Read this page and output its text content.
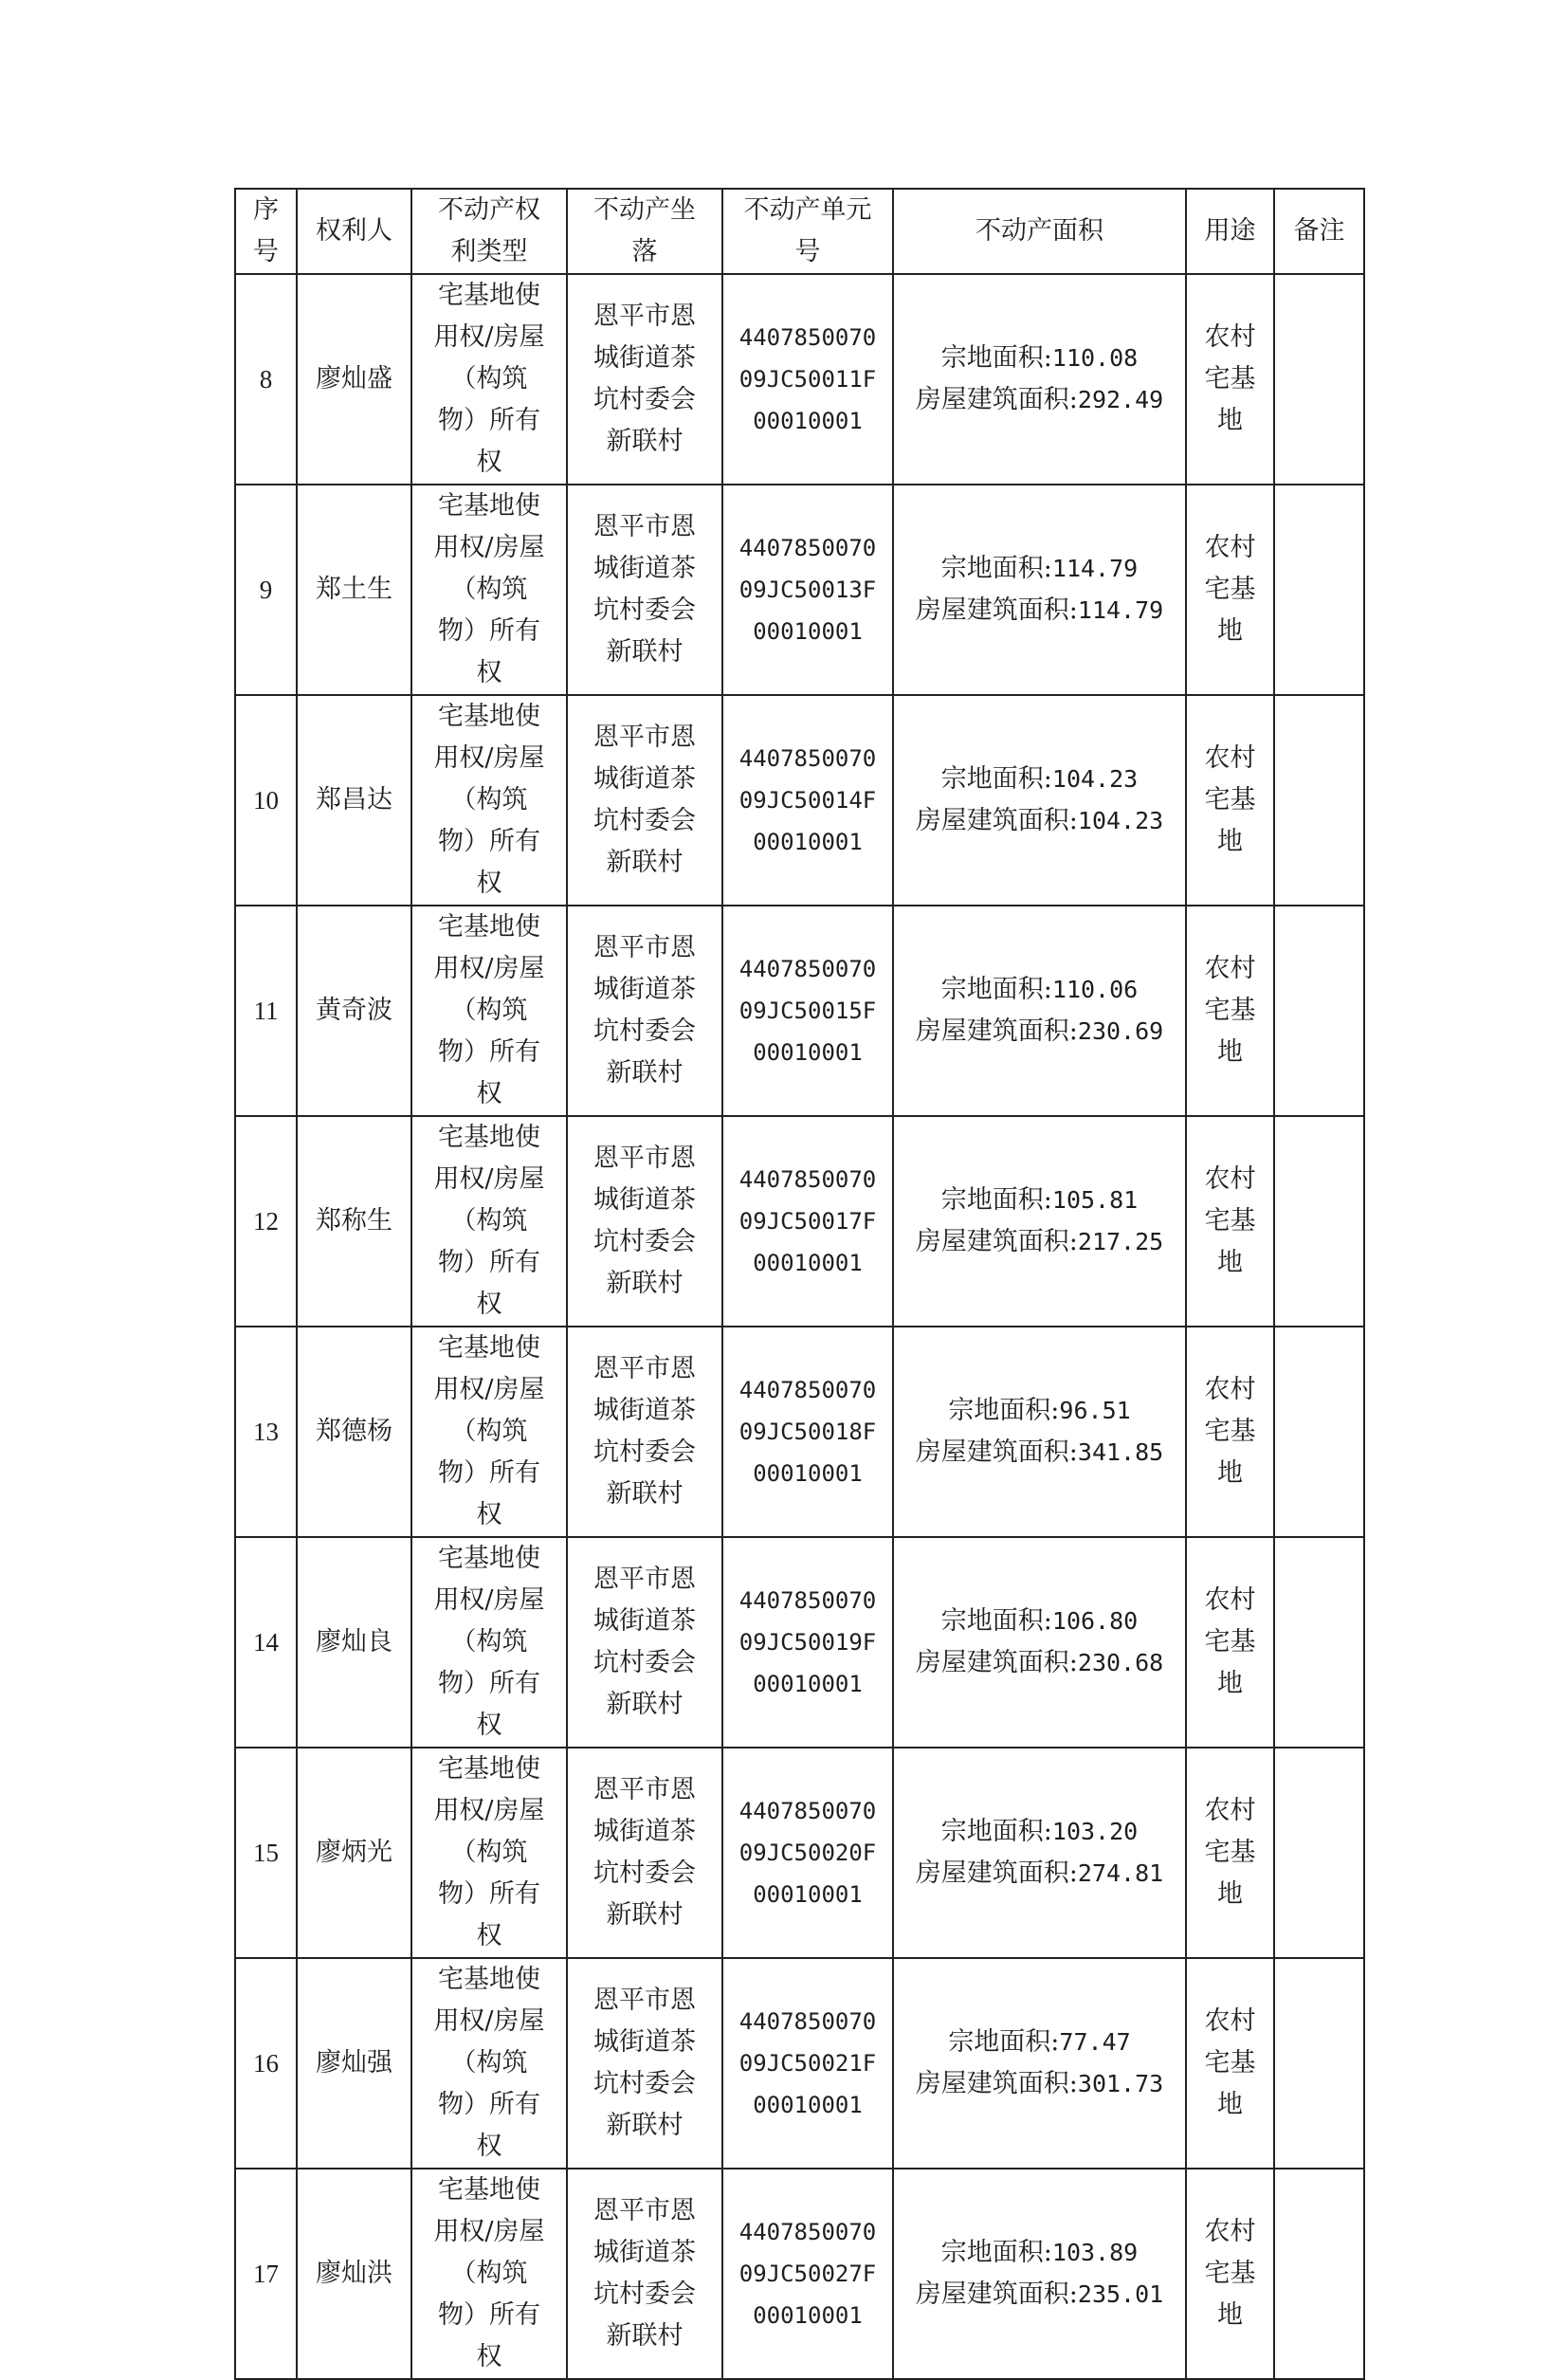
序号	权利人	不动产权利类型	不动产坐落	不动产单元号	不动产面积	用途	备注

8	廖灿盛	宅基地使用权/房屋（构筑物）所有权	恩平市恩城街道茶坑村委会新联村	440785007009JC50011F00010001	宗地面积:110.08
房屋建筑面积:292.49	农村宅基地	

9	郑土生	宅基地使用权/房屋（构筑物）所有权	恩平市恩城街道茶坑村委会新联村	440785007009JC50013F00010001	宗地面积:114.79
房屋建筑面积:114.79	农村宅基地	

10	郑昌达	宅基地使用权/房屋（构筑物）所有权	恩平市恩城街道茶坑村委会新联村	440785007009JC50014F00010001	宗地面积:104.23
房屋建筑面积:104.23	农村宅基地	

11	黄奇波	宅基地使用权/房屋（构筑物）所有权	恩平市恩城街道茶坑村委会新联村	440785007009JC50015F00010001	宗地面积:110.06
房屋建筑面积:230.69	农村宅基地	

12	郑称生	宅基地使用权/房屋（构筑物）所有权	恩平市恩城街道茶坑村委会新联村	440785007009JC50017F00010001	宗地面积:105.81
房屋建筑面积:217.25	农村宅基地	

13	郑德杨	宅基地使用权/房屋（构筑物）所有权	恩平市恩城街道茶坑村委会新联村	440785007009JC50018F00010001	宗地面积:96.51
房屋建筑面积:341.85	农村宅基地	

14	廖灿良	宅基地使用权/房屋（构筑物）所有权	恩平市恩城街道茶坑村委会新联村	440785007009JC50019F00010001	宗地面积:106.80
房屋建筑面积:230.68	农村宅基地	

15	廖炳光	宅基地使用权/房屋（构筑物）所有权	恩平市恩城街道茶坑村委会新联村	440785007009JC50020F00010001	宗地面积:103.20
房屋建筑面积:274.81	农村宅基地	

16	廖灿强	宅基地使用权/房屋（构筑物）所有权	恩平市恩城街道茶坑村委会新联村	440785007009JC50021F00010001	宗地面积:77.47
房屋建筑面积:301.73	农村宅基地	

17	廖灿洪	宅基地使用权/房屋（构筑物）所有权	恩平市恩城街道茶坑村委会新联村	440785007009JC50027F00010001	宗地面积:103.89
房屋建筑面积:235.01	农村宅基地	
